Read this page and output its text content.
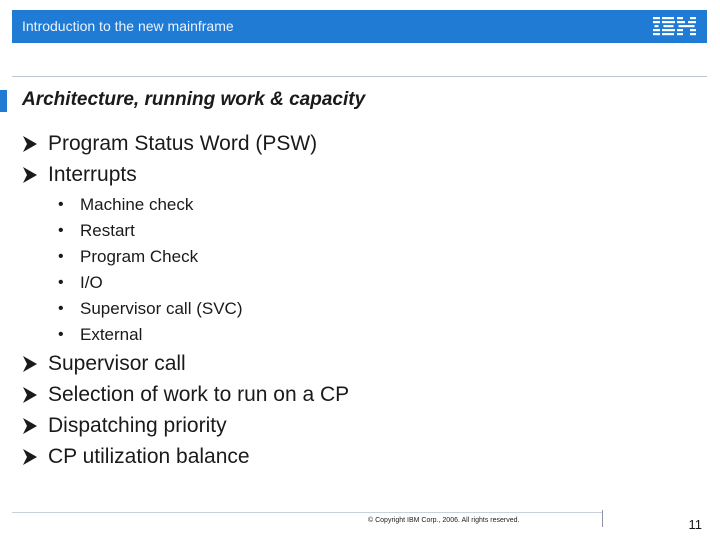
Introduction to the new mainframe
Architecture, running work & capacity
Program Status Word (PSW)
Interrupts
• Machine check
• Restart
• Program Check
• I/O
• Supervisor call (SVC)
• External
Supervisor call
Selection of work to run on a CP
Dispatching priority
CP utilization balance
© Copyright IBM Corp., 2006. All rights reserved.	11
